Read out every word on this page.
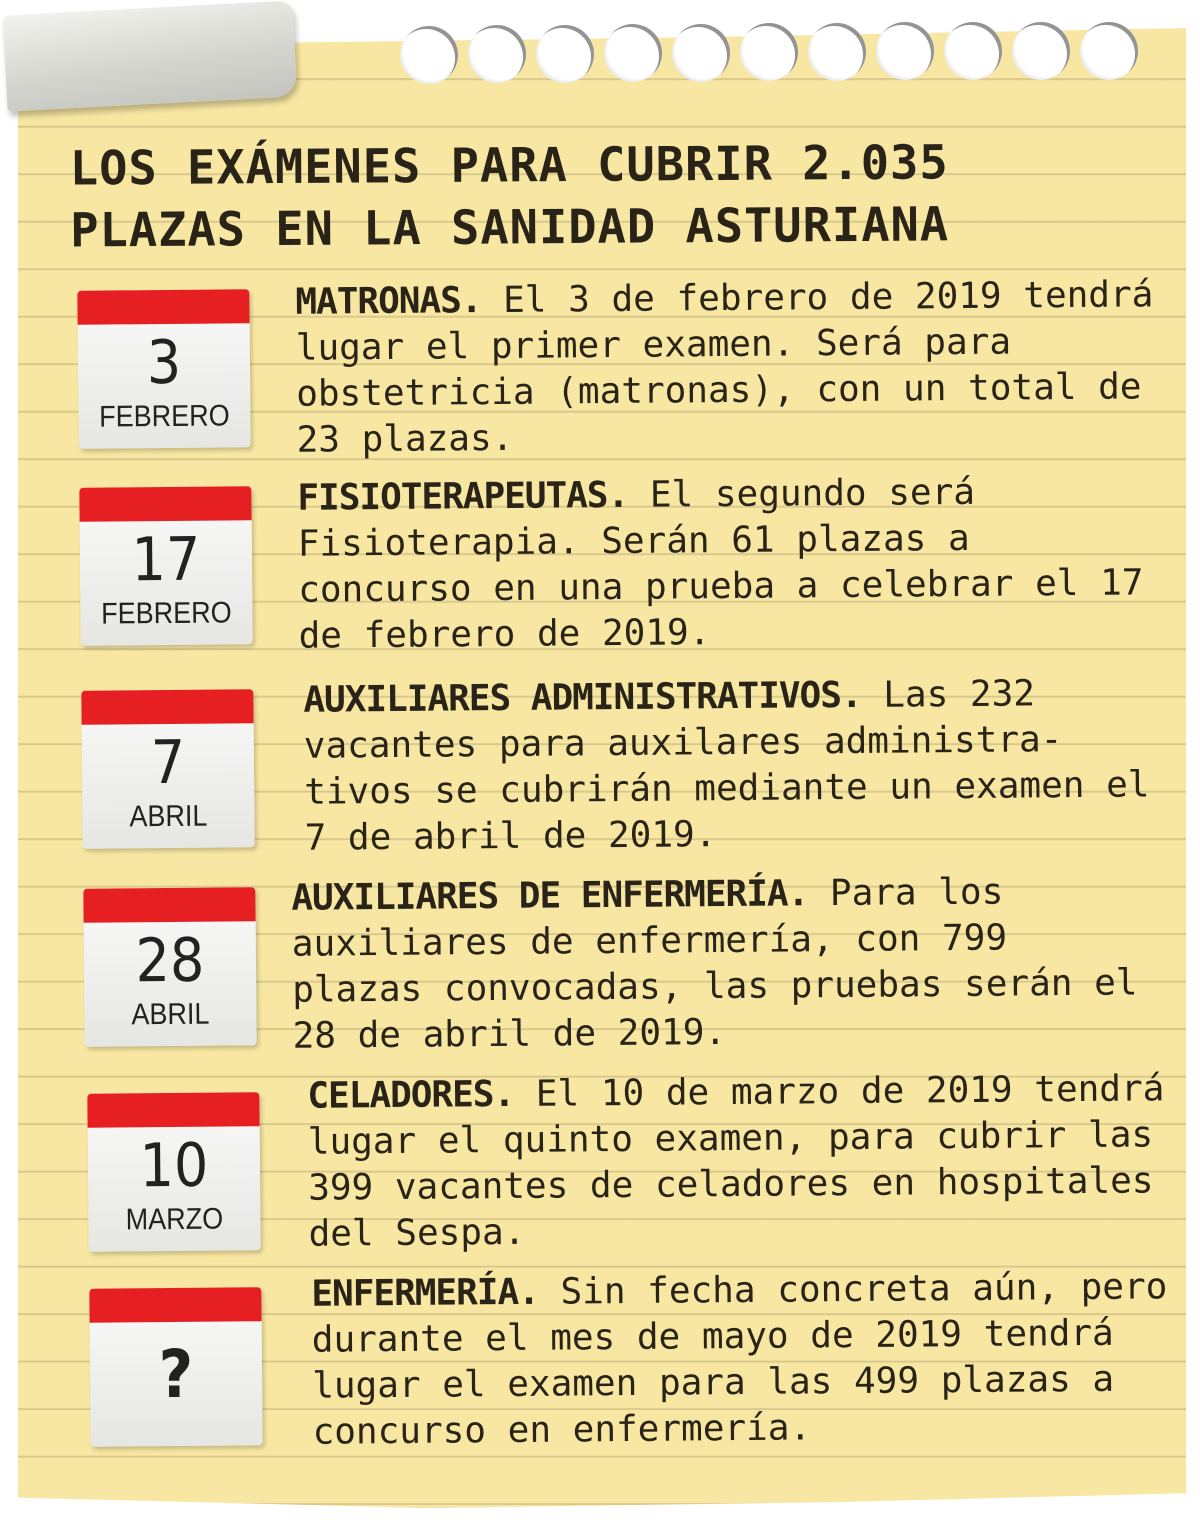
LOS EXÁMENES PARA CUBRIR 2.035
PLAZAS EN LA SANIDAD ASTURIANA
3
FEBRERO

MATRONAS. El 3 de febrero de 2019 tendrá lugar el primer examen. Será para obstetricia (matronas), con un total de 23 plazas.

17
FEBRERO

FISIOTERAPEUTAS. El segundo será Fisioterapia. Serán 61 plazas a concurso en una prueba a celebrar el 17 de febrero de 2019.

7
ABRIL

AUXILIARES ADMINISTRATIVOS. Las 232 vacantes para auxilares administra-tivos se cubrirán mediante un examen el 7 de abril de 2019.

28
ABRIL

AUXILIARES DE ENFERMERÍA. Para los auxiliares de enfermería, con 799 plazas convocadas, las pruebas serán el 28 de abril de 2019.

10
MARZO

CELADORES. El 10 de marzo de 2019 tendrá lugar el quinto examen, para cubrir las 399 vacantes de celadores en hospitales del Sespa.

?

ENFERMERÍA. Sin fecha concreta aún, pero durante el mes de mayo de 2019 tendrá lugar el examen para las 499 plazas a concurso en enfermería.
